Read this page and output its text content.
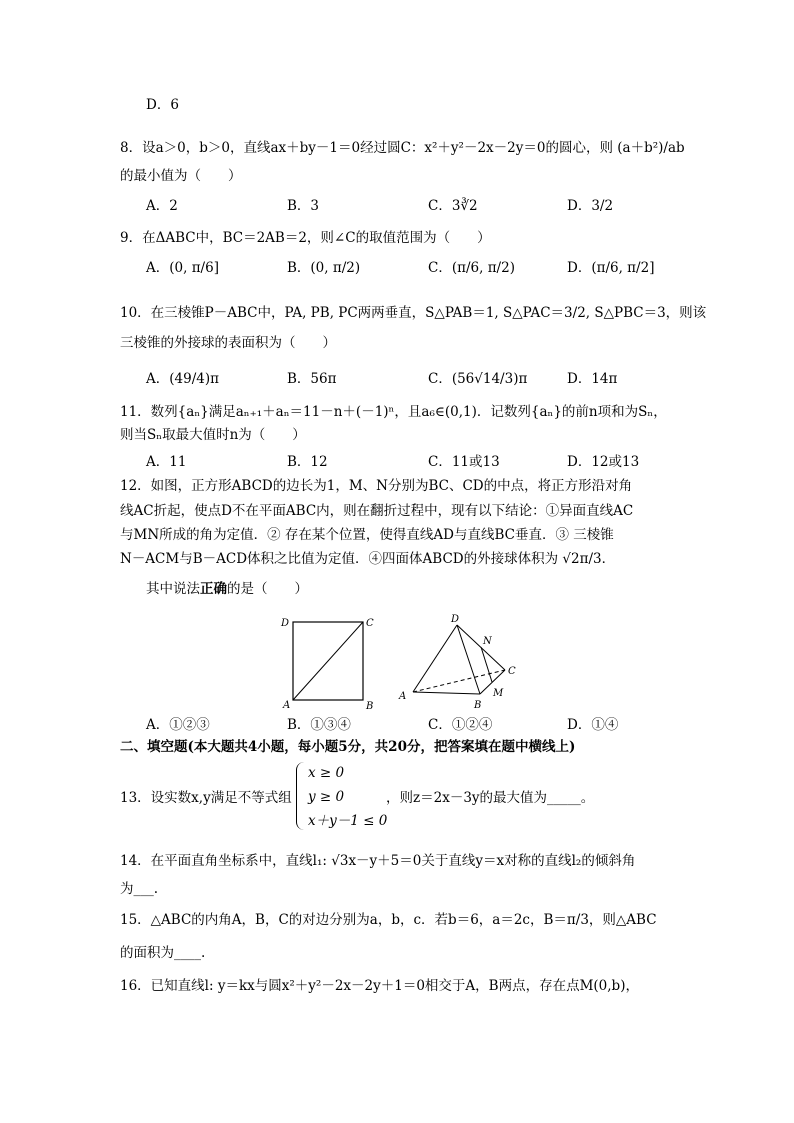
D．6
8．设a＞0，b＞0，直线ax＋by－1＝0经过圆C：x²＋y²－2x－2y＝0的圆心，则 (a＋b²)/ab
的最小值为（　　）
A．2	B．3	C．3∛2	D．3/2
9．在ΔABC中，BC＝2AB＝2，则∠C的取值范围为（　　）
A．(0, π/6]	B．(0, π/2)	C．(π/6, π/2)	D．(π/6, π/2]
10．在三棱锥P－ABC中，PA, PB, PC两两垂直，S△PAB＝1, S△PAC＝3/2, S△PBC＝3，则该
三棱锥的外接球的表面积为（　　）
A．(49/4)π	B．56π	C．(56√14/3)π	D．14π
11．数列{aₙ}满足aₙ₊₁＋aₙ＝11－n＋(－1)ⁿ，且a₆∈(0,1)．记数列{aₙ}的前n项和为Sₙ，
则当Sₙ取最大值时n为（　　）
A．11	B．12	C．11或13	D．12或13
12．如图，正方形ABCD的边长为1，M、N分别为BC、CD的中点，将正方形沿对角
线AC折起，使点D不在平面ABC内，则在翻折过程中，现有以下结论：①异面直线AC
与MN所成的角为定值．② 存在某个位置，使得直线AD与直线BC垂直．③ 三棱锥
N－ACM与B－ACD体积之比值为定值．④四面体ABCD的外接球体积为 √2π/3．
其中说法正确的是（　　）
D	C
A	B
D
N
C
A	M
B
A．①②③	B．①③④	C．①②④	D．①④
二、填空题(本大题共4小题，每小题5分，共20分，把答案填在题中横线上)
13．设实数x,y满足不等式组
x ≥ 0
y ≥ 0
x＋y－1 ≤ 0
，则z＝2x－3y的最大值为_____。
14．在平面直角坐标系中，直线l₁: √3x－y＋5＝0关于直线y＝x对称的直线l₂的倾斜角
为___.
15．△ABC的内角A，B，C的对边分别为a，b，c．若b＝6，a＝2c，B＝π/3，则△ABC
的面积为____.
16．已知直线l: y＝kx与圆x²＋y²－2x－2y＋1＝0相交于A，B两点，存在点M(0,b)，
